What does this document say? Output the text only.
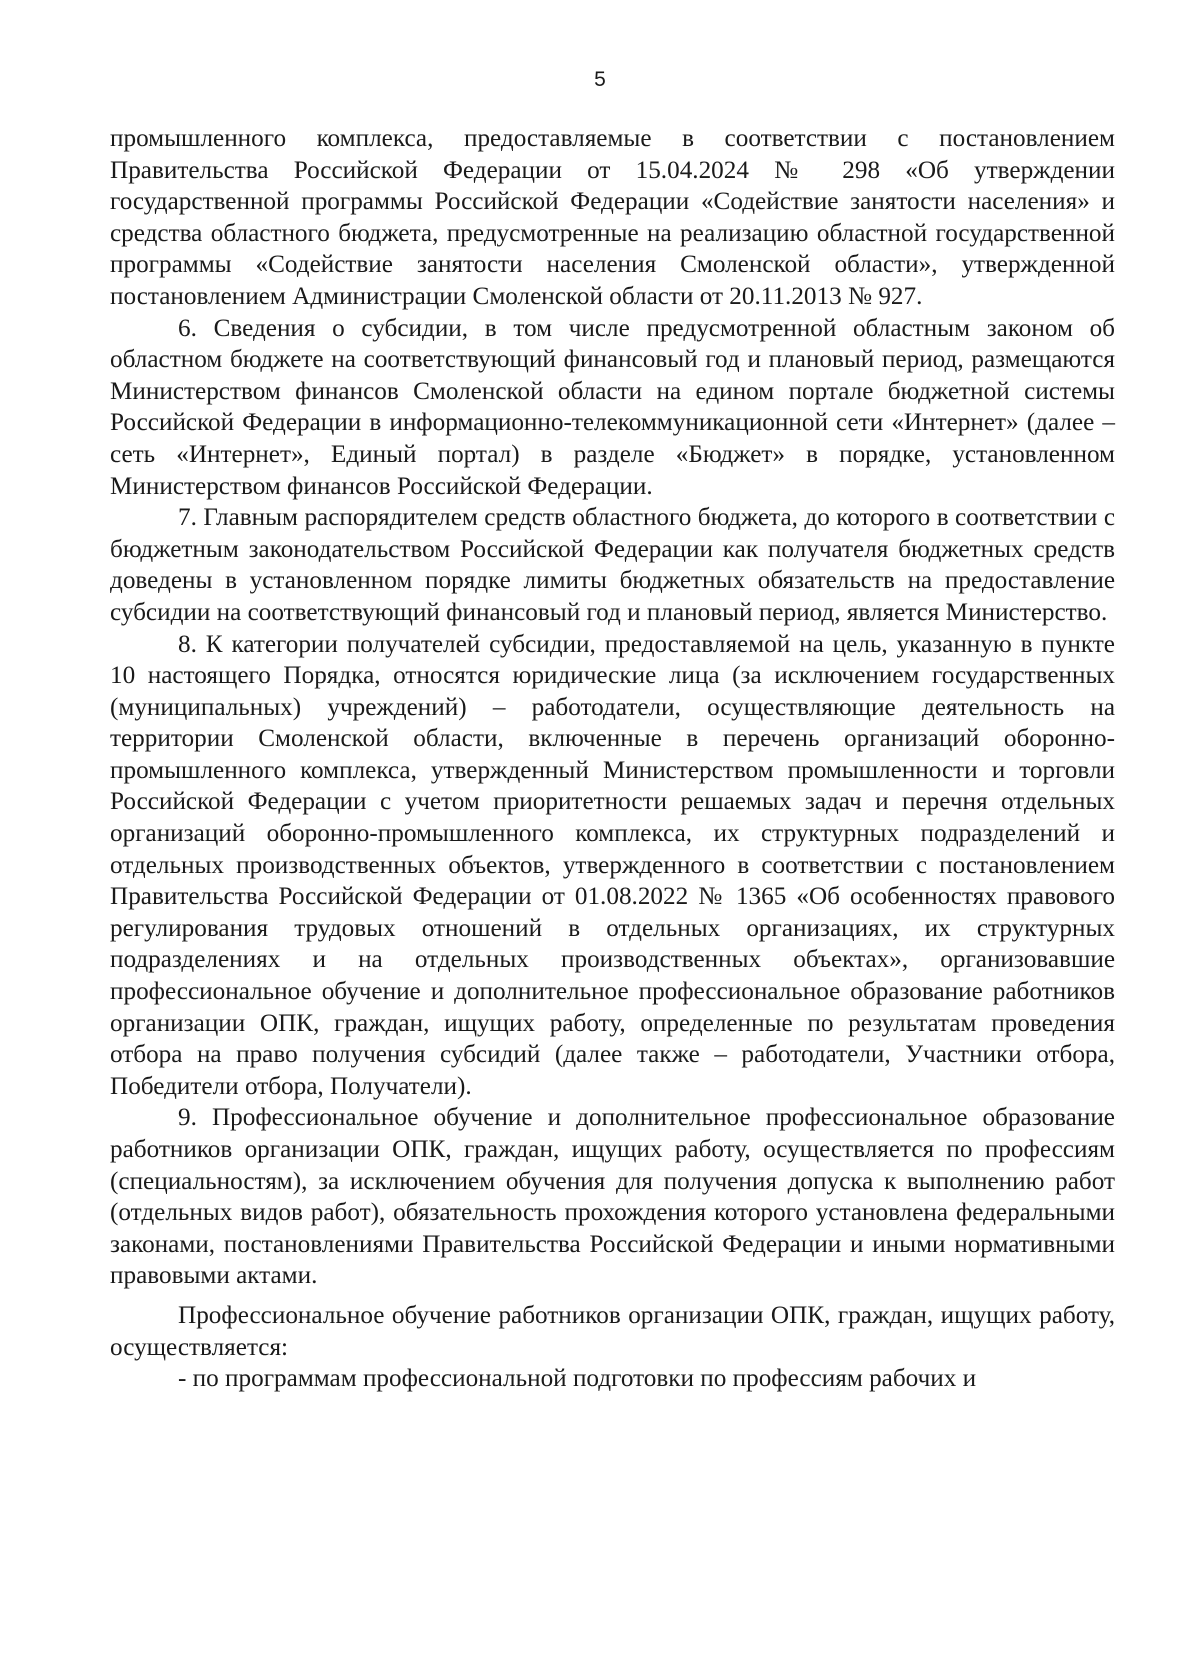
5

промышленного комплекса, предоставляемые в соответствии с постановлением Правительства Российской Федерации от 15.04.2024 № 298 «Об утверждении государственной программы Российской Федерации «Содействие занятости населения» и средства областного бюджета, предусмотренные на реализацию областной государственной программы «Содействие занятости населения Смоленской области», утвержденной постановлением Администрации Смоленской области от 20.11.2013 № 927.

6. Сведения о субсидии, в том числе предусмотренной областным законом об областном бюджете на соответствующий финансовый год и плановый период, размещаются Министерством финансов Смоленской области на едином портале бюджетной системы Российской Федерации в информационно-телекоммуникационной сети «Интернет» (далее – сеть «Интернет», Единый портал) в разделе «Бюджет» в порядке, установленном Министерством финансов Российской Федерации.

7. Главным распорядителем средств областного бюджета, до которого в соответствии с бюджетным законодательством Российской Федерации как получателя бюджетных средств доведены в установленном порядке лимиты бюджетных обязательств на предоставление субсидии на соответствующий финансовый год и плановый период, является Министерство.

8. К категории получателей субсидии, предоставляемой на цель, указанную в пункте 10 настоящего Порядка, относятся юридические лица (за исключением государственных (муниципальных) учреждений) – работодатели, осуществляющие деятельность на территории Смоленской области, включенные в перечень организаций оборонно-промышленного комплекса, утвержденный Министерством промышленности и торговли Российской Федерации с учетом приоритетности решаемых задач и перечня отдельных организаций оборонно-промышленного комплекса, их структурных подразделений и отдельных производственных объектов, утвержденного в соответствии с постановлением Правительства Российской Федерации от 01.08.2022 № 1365 «Об особенностях правового регулирования трудовых отношений в отдельных организациях, их структурных подразделениях и на отдельных производственных объектах», организовавшие профессиональное обучение и дополнительное профессиональное образование работников организации ОПК, граждан, ищущих работу, определенные по результатам проведения отбора на право получения субсидий (далее также – работодатели, Участники отбора, Победители отбора, Получатели).

9. Профессиональное обучение и дополнительное профессиональное образование работников организации ОПК, граждан, ищущих работу, осуществляется по профессиям (специальностям), за исключением обучения для получения допуска к выполнению работ (отдельных видов работ), обязательность прохождения которого установлена федеральными законами, постановлениями Правительства Российской Федерации и иными нормативными правовыми актами.

Профессиональное обучение работников организации ОПК, граждан, ищущих работу, осуществляется:

- по программам профессиональной подготовки по профессиям рабочих и
